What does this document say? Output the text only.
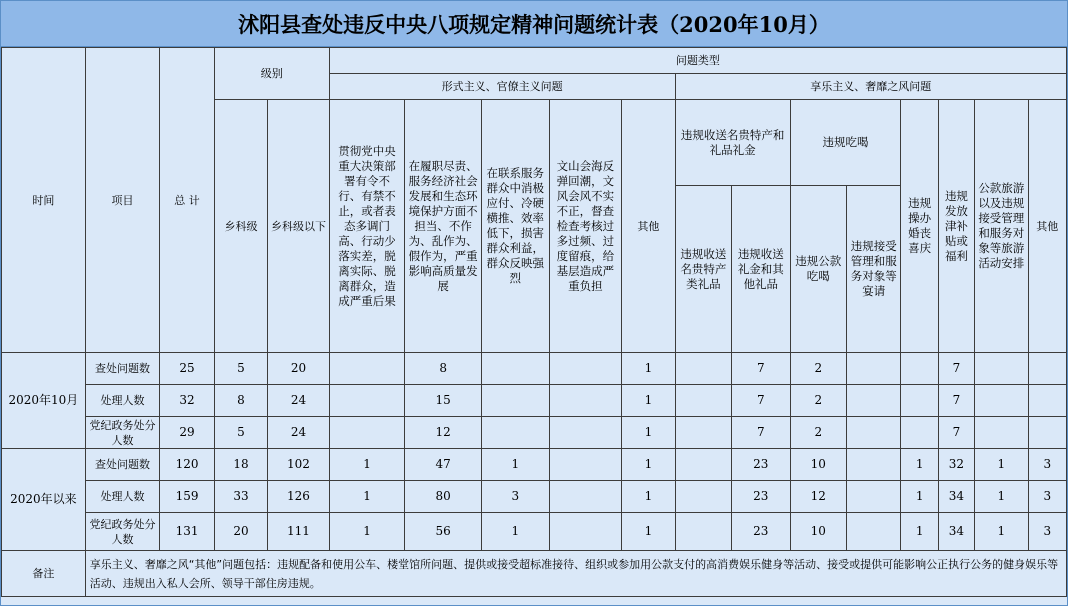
沭阳县查处违反中央八项规定精神问题统计表（2020年10月）
时间	项目	总 计	级别		问题类型												
					形式主义、官僚主义问题					享乐主义、奢靡之风问题							
			乡科级	乡科级以下	贯彻党中央重大决策部署有令不行、有禁不止，或者表态多调门高、行动少落实差，脱离实际、脱离群众，造成严重后果	在履职尽责、服务经济社会发展和生态环境保护方面不担当、不作为、乱作为、假作为，严重影响高质量发展	在联系服务群众中消极应付、冷硬横推、效率低下，损害群众利益，群众反映强烈	文山会海反弹回潮，文风会风不实不正，督查检查考核过多过频、过度留痕，给基层造成严重负担	其他	违规收送名贵特产和礼品礼金		违规吃喝		违规操办婚丧喜庆	违规发放津补贴或福利	公款旅游以及违规接受管理和服务对象等旅游活动安排	其他
										违规收送名贵特产类礼品	违规收送礼金和其他礼品	违规公款吃喝	违规接受管理和服务对象等宴请				
2020年10月	查处问题数	25	5	20		8			1		7	2			7		
	处理人数	32	8	24		15			1		7	2			7		
	党纪政务处分人数	29	5	24		12			1		7	2			7		
2020年以来	查处问题数	120	18	102	1	47	1		1		23	10		1	32	1	3
	处理人数	159	33	126	1	80	3		1		23	12		1	34	1	3
	党纪政务处分人数	131	20	111	1	56	1		1		23	10		1	34	1	3
备注	享乐主义、奢靡之风“其他”问题包括：违规配备和使用公车、楼堂馆所问题、提供或接受超标准接待、组织或参加用公款支付的高消费娱乐健身等活动、接受或提供可能影响公正执行公务的健身娱乐等活动、违规出入私人会所、领导干部住房违规。																
